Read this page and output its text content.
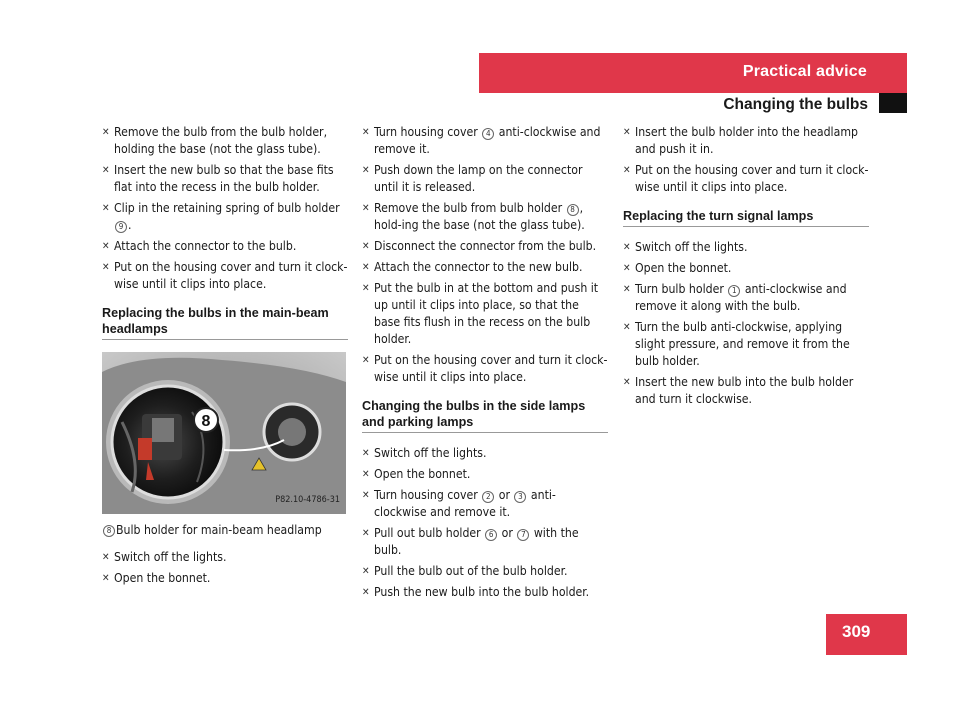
Practical advice
Changing the bulbs
✕ Remove the bulb from the bulb holder, holding the base (not the glass tube).
✕ Insert the new bulb so that the base fits flat into the recess in the bulb holder.
✕ Clip in the retaining spring of bulb holder 9 .
✕ Attach the connector to the bulb.
✕ Put on the housing cover and turn it clock-wise until it clips into place.
Replacing the bulbs in the main-beam headlamps
8
P82.10-4786-31
8 Bulb holder for main-beam headlamp
✕ Switch off the lights.
✕ Open the bonnet.
✕ Turn housing cover 4 anti-clockwise and remove it.
✕ Push down the lamp on the connector until it is released.
✕ Remove the bulb from bulb holder 8 , hold-ing the base (not the glass tube).
✕ Disconnect the connector from the bulb.
✕ Attach the connector to the new bulb.
✕ Put the bulb in at the bottom and push it up until it clips into place, so that the base fits flush in the recess on the bulb holder.
✕ Put on the housing cover and turn it clock-wise until it clips into place.
Changing the bulbs in the side lamps and parking lamps
✕ Switch off the lights.
✕ Open the bonnet.
✕ Turn housing cover 2 or 3 anti-clockwise and remove it.
✕ Pull out bulb holder 6 or 7 with the bulb.
✕ Pull the bulb out of the bulb holder.
✕ Push the new bulb into the bulb holder.
✕ Insert the bulb holder into the headlamp and push it in.
✕ Put on the housing cover and turn it clock-wise until it clips into place.
Replacing the turn signal lamps
✕ Switch off the lights.
✕ Open the bonnet.
✕ Turn bulb holder 1 anti-clockwise and remove it along with the bulb.
✕ Turn the bulb anti-clockwise, applying slight pressure, and remove it from the bulb holder.
✕ Insert the new bulb into the bulb holder and turn it clockwise.
309
